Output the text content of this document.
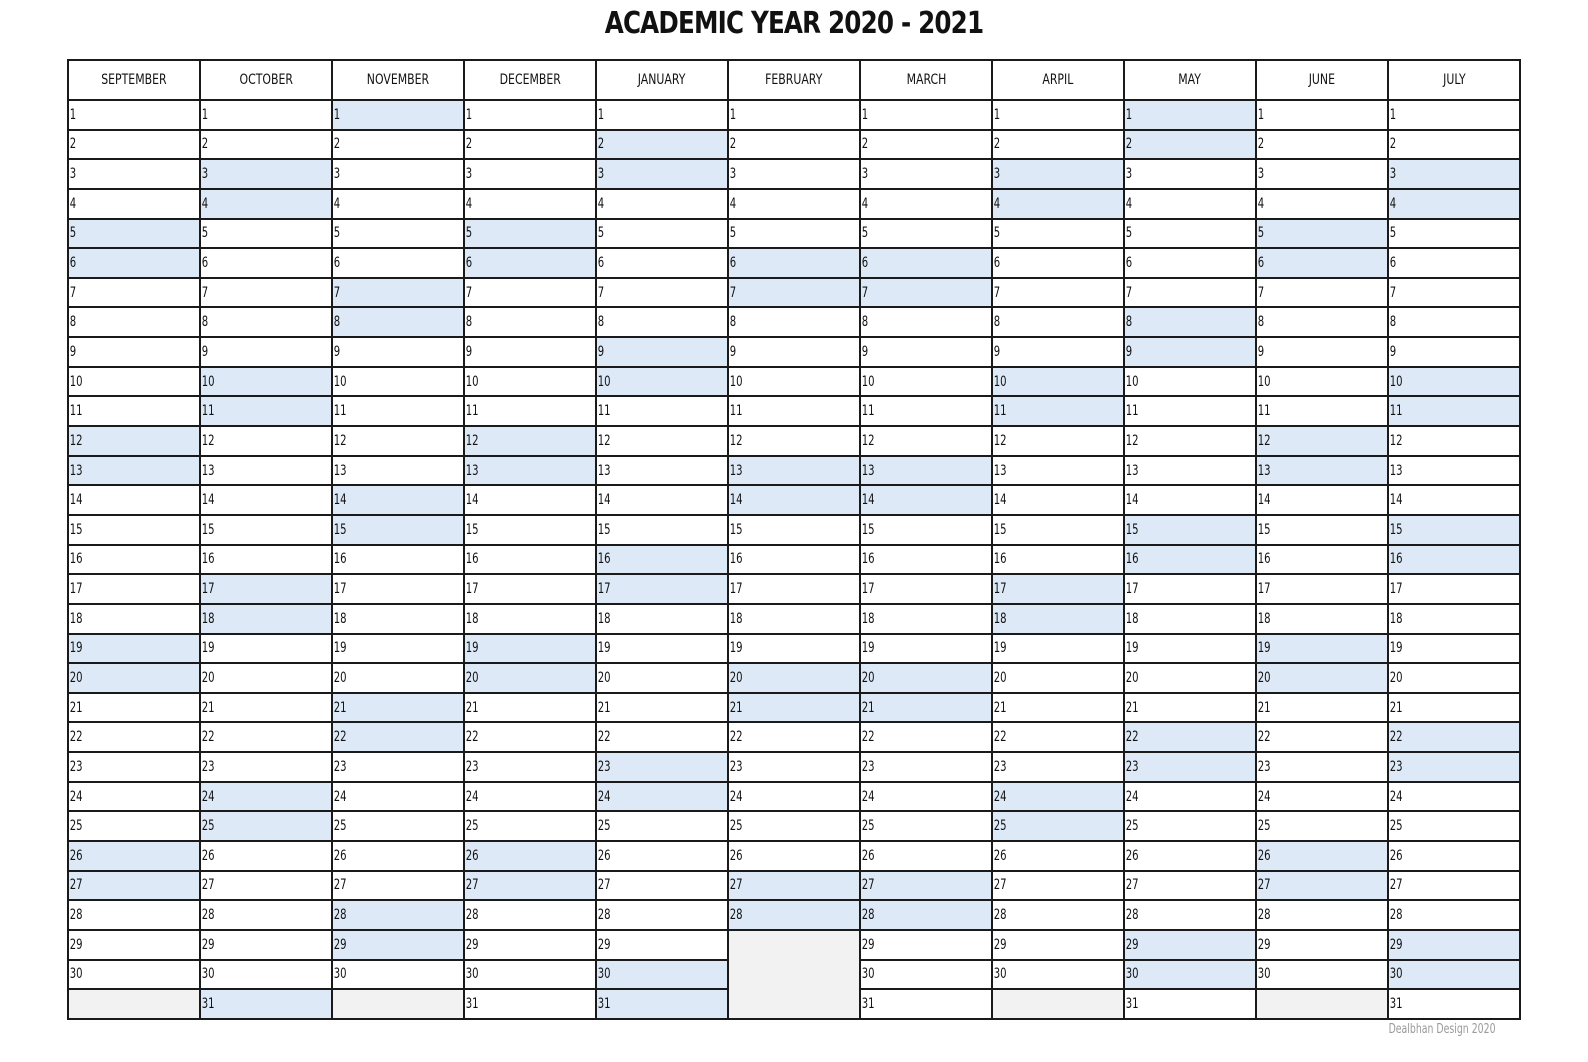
ACADEMIC YEAR 2020 - 2021
SEPTEMBER	OCTOBER	NOVEMBER	DECEMBER	JANUARY	FEBRUARY	MARCH	ARPIL	MAY	JUNE	JULY
1	1	1	1	1	1	1	1	1	1	1
2	2	2	2	2	2	2	2	2	2	2
3	3	3	3	3	3	3	3	3	3	3
4	4	4	4	4	4	4	4	4	4	4
5	5	5	5	5	5	5	5	5	5	5
6	6	6	6	6	6	6	6	6	6	6
7	7	7	7	7	7	7	7	7	7	7
8	8	8	8	8	8	8	8	8	8	8
9	9	9	9	9	9	9	9	9	9	9
10	10	10	10	10	10	10	10	10	10	10
11	11	11	11	11	11	11	11	11	11	11
12	12	12	12	12	12	12	12	12	12	12
13	13	13	13	13	13	13	13	13	13	13
14	14	14	14	14	14	14	14	14	14	14
15	15	15	15	15	15	15	15	15	15	15
16	16	16	16	16	16	16	16	16	16	16
17	17	17	17	17	17	17	17	17	17	17
18	18	18	18	18	18	18	18	18	18	18
19	19	19	19	19	19	19	19	19	19	19
20	20	20	20	20	20	20	20	20	20	20
21	21	21	21	21	21	21	21	21	21	21
22	22	22	22	22	22	22	22	22	22	22
23	23	23	23	23	23	23	23	23	23	23
24	24	24	24	24	24	24	24	24	24	24
25	25	25	25	25	25	25	25	25	25	25
26	26	26	26	26	26	26	26	26	26	26
27	27	27	27	27	27	27	27	27	27	27
28	28	28	28	28	28	28	28	28	28	28
29	29	29	29	29		29	29	29	29	29
30	30	30	30	30		30	30	30	30	30
	31		31	31		31		31		31
Dealbhan Design 2020
